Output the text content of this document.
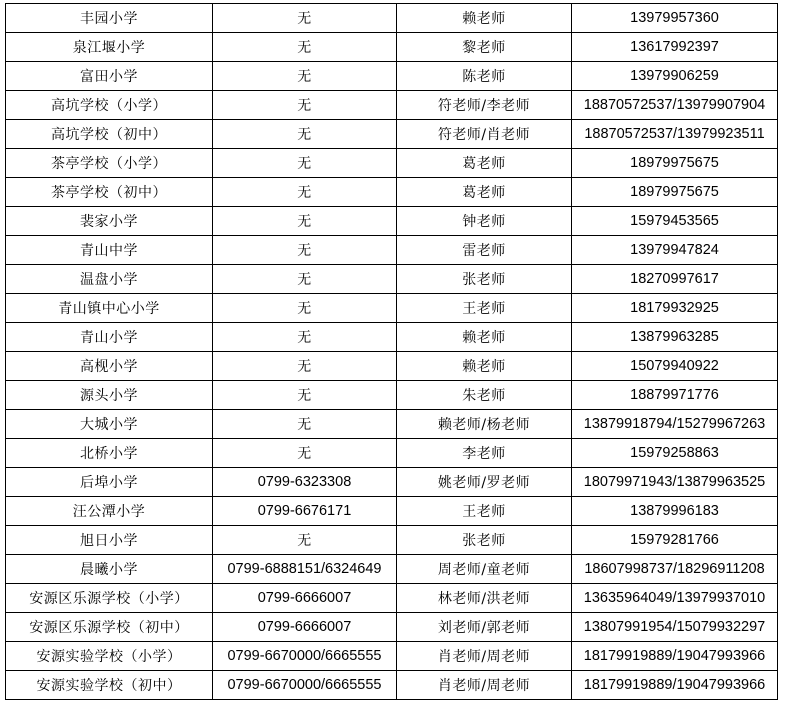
丰园小学	无	赖老师	13979957360
泉江堰小学	无	黎老师	13617992397
富田小学	无	陈老师	13979906259
高坑学校（小学）	无	符老师/李老师	18870572537/13979907904
高坑学校（初中）	无	符老师/肖老师	18870572537/13979923511
茶亭学校（小学）	无	葛老师	18979975675
茶亭学校（初中）	无	葛老师	18979975675
裴家小学	无	钟老师	15979453565
青山中学	无	雷老师	13979947824
温盘小学	无	张老师	18270997617
青山镇中心小学	无	王老师	18179932925
青山小学	无	赖老师	13879963285
高枧小学	无	赖老师	15079940922
源头小学	无	朱老师	18879971776
大城小学	无	赖老师/杨老师	13879918794/15279967263
北桥小学	无	李老师	15979258863
后埠小学	0799-6323308	姚老师/罗老师	18079971943/13879963525
汪公潭小学	0799-6676171	王老师	13879996183
旭日小学	无	张老师	15979281766
晨曦小学	0799-6888151/6324649	周老师/童老师	18607998737/18296911208
安源区乐源学校（小学）	0799-6666007	林老师/洪老师	13635964049/13979937010
安源区乐源学校（初中）	0799-6666007	刘老师/郭老师	13807991954/15079932297
安源实验学校（小学）	0799-6670000/6665555	肖老师/周老师	18179919889/19047993966
安源实验学校（初中）	0799-6670000/6665555	肖老师/周老师	18179919889/19047993966
